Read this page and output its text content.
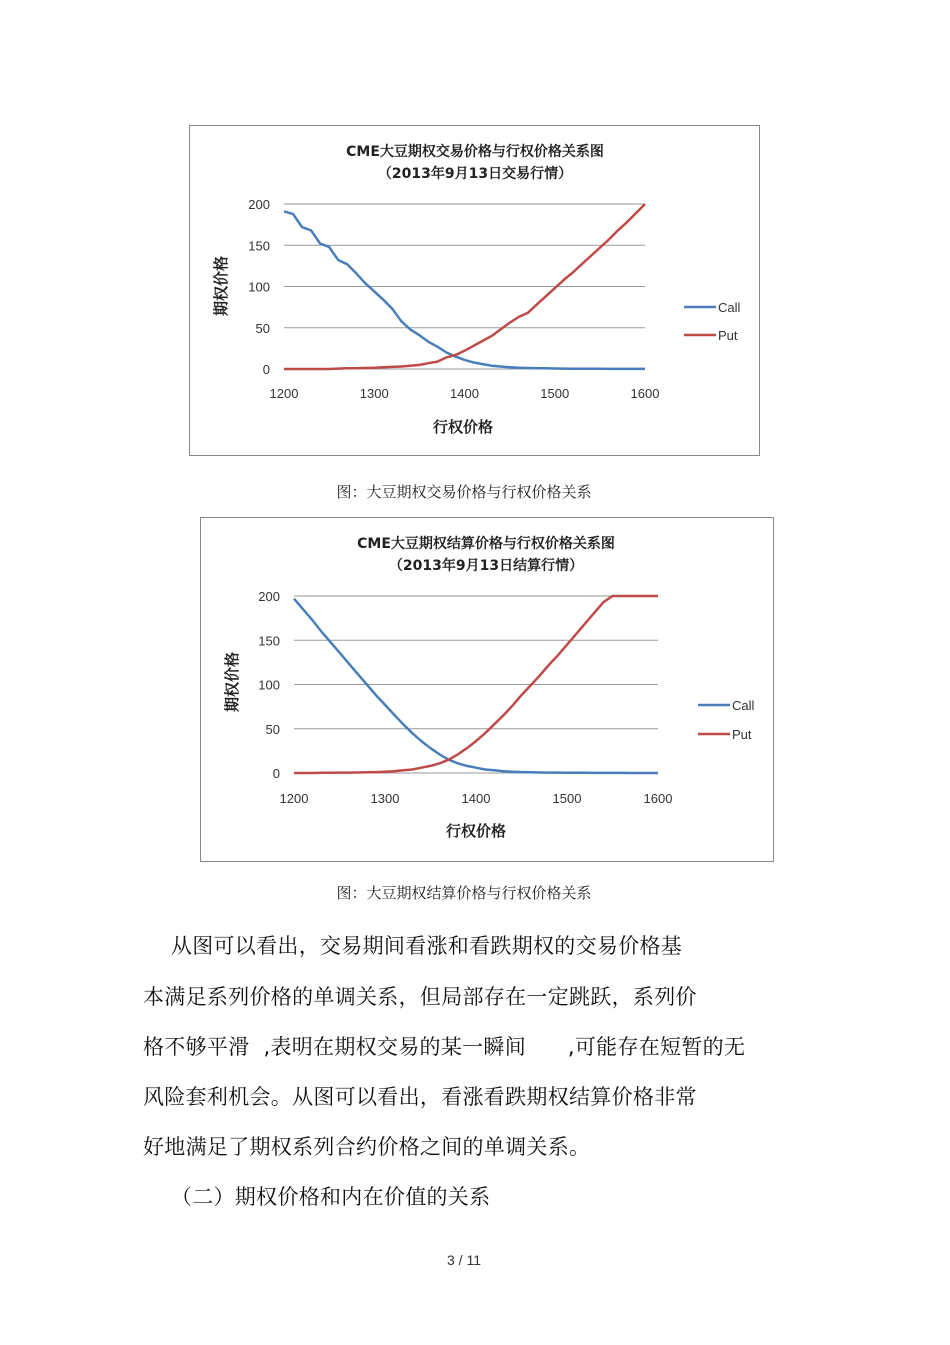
CME大豆期权交易价格与行权价格关系图
（2013年9月13日交易行情）
0
50
100
150
200
1200	1300	1400	1500	1600
Call
Put
行权价格
期权价格
图：大豆期权交易价格与行权价格关系
CME大豆期权结算价格与行权价格关系图
（2013年9月13日结算行情）
0
50
100
150
200
1200	1300	1400	1500	1600
Call
Put
行权价格
期权价格
图：大豆期权结算价格与行权价格关系
从图可以看出，交易期间看涨和看跌期权的交易价格基
本满足系列价格的单调关系，但局部存在一定跳跃，系列价
格不够平滑  ,表明在期权交易的某一瞬间      ,可能存在短暂的无
风险套利机会。从图可以看出，看涨看跌期权结算价格非常
好地满足了期权系列合约价格之间的单调关系。
（二）期权价格和内在价值的关系
3 / 11
